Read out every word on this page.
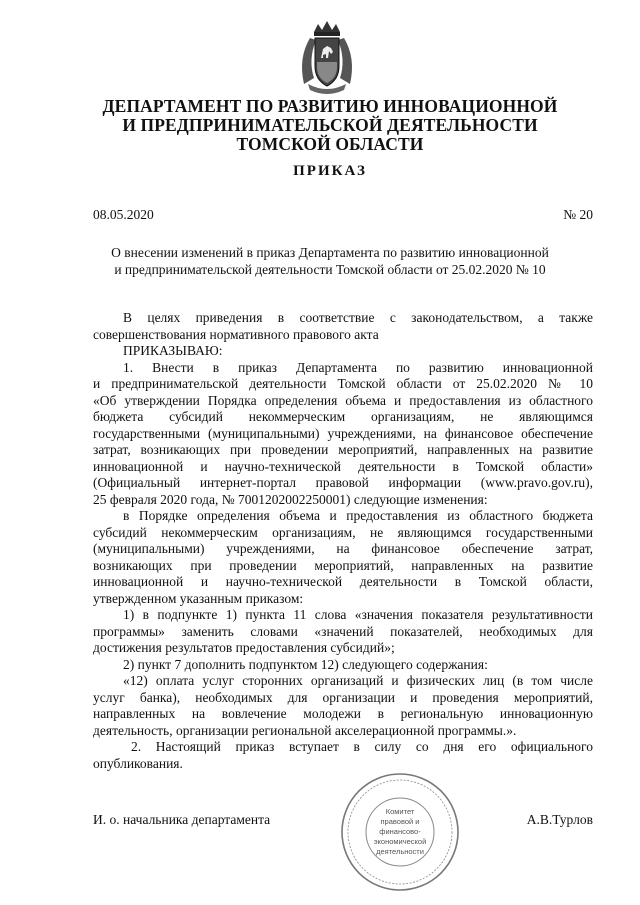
ДЕПАРТАМЕНТ ПО РАЗВИТИЮ ИННОВАЦИОННОЙ
И ПРЕДПРИНИМАТЕЛЬСКОЙ ДЕЯТЕЛЬНОСТИ
ТОМСКОЙ ОБЛАСТИ
ПРИКАЗ
08.05.2020	№ 20
О внесении изменений в приказ Департамента по развитию инновационной
и предпринимательской деятельности Томской области от 25.02.2020 № 10
В целях приведения в соответствие с законодательством, а также
совершенствования нормативного правового акта
ПРИКАЗЫВАЮ:
1. Внести в приказ Департамента по развитию инновационной
и предпринимательской деятельности Томской области от 25.02.2020 № 10
«Об утверждении Порядка определения объема и предоставления из областного
бюджета субсидий некоммерческим организациям, не являющимся
государственными (муниципальными) учреждениями, на финансовое обеспечение
затрат, возникающих при проведении мероприятий, направленных на развитие
инновационной и научно-технической деятельности в Томской области»
(Официальный интернет-портал правовой информации (www.pravo.gov.ru),
25 февраля 2020 года, № 7001202002250001) следующие изменения:
в Порядке определения объема и предоставления из областного бюджета
субсидий некоммерческим организациям, не являющимся государственными
(муниципальными) учреждениями, на финансовое обеспечение затрат,
возникающих при проведении мероприятий, направленных на развитие
инновационной и научно-технической деятельности в Томской области,
утвержденном указанным приказом:
1) в подпункте 1) пункта 11 слова «значения показателя результативности
программы» заменить словами «значений показателей, необходимых для
достижения результатов предоставления субсидий»;
2) пункт 7 дополнить подпунктом 12) следующего содержания:
«12) оплата услуг сторонних организаций и физических лиц (в том числе
услуг банка), необходимых для организации и проведения мероприятий,
направленных на вовлечение молодежи в региональную инновационную
деятельность, организации региональной акселерационной программы.».
2. Настоящий приказ вступает в силу со дня его официального
опубликования.
И. о. начальника департамента	А.В.Турлов
Комитет
правовой и
финансово-
экономической
деятельности
